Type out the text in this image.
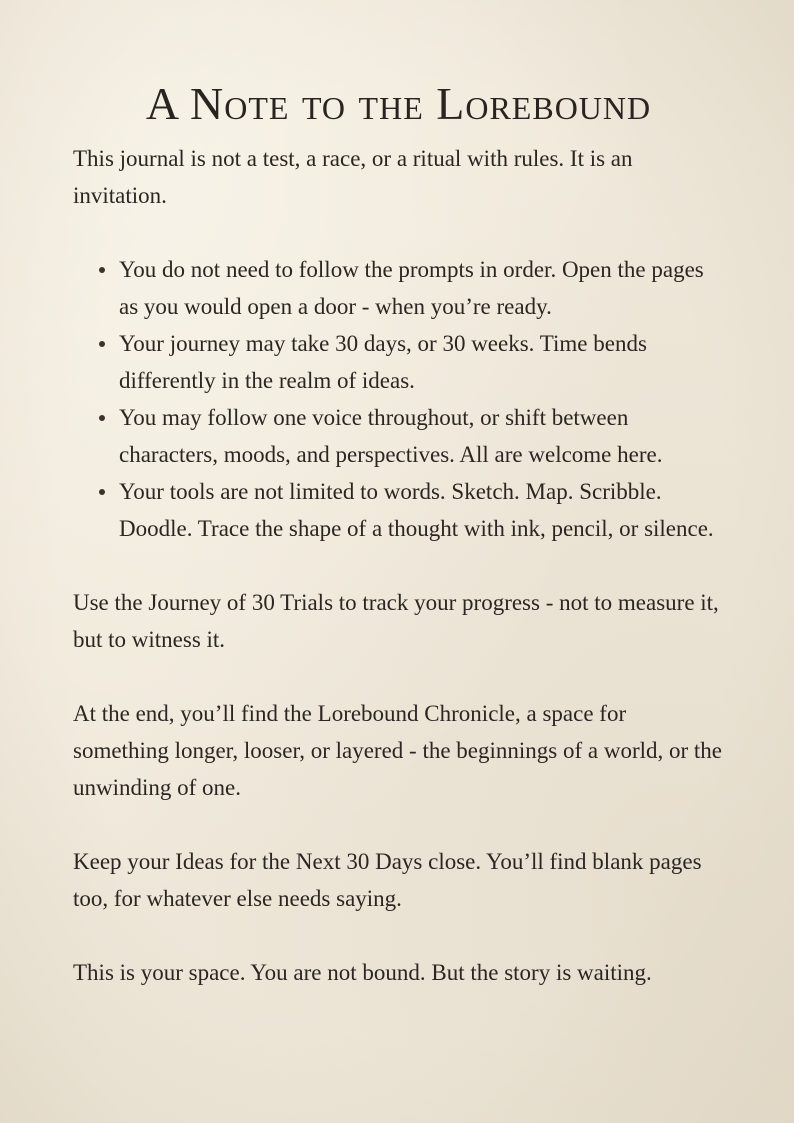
A Note to the Lorebound

This journal is not a test, a race, or a ritual with rules. It is an invitation.

You do not need to follow the prompts in order. Open the pages as you would open a door - when you’re ready.
Your journey may take 30 days, or 30 weeks. Time bends differently in the realm of ideas.
You may follow one voice throughout, or shift between characters, moods, and perspectives. All are welcome here.
Your tools are not limited to words. Sketch. Map. Scribble. Doodle. Trace the shape of a thought with ink, pencil, or silence.

Use the Journey of 30 Trials to track your progress - not to measure it, but to witness it.

At the end, you’ll find the Lorebound Chronicle, a space for something longer, looser, or layered - the beginnings of a world, or the unwinding of one.

Keep your Ideas for the Next 30 Days close. You’ll find blank pages too, for whatever else needs saying.

This is your space. You are not bound. But the story is waiting.
